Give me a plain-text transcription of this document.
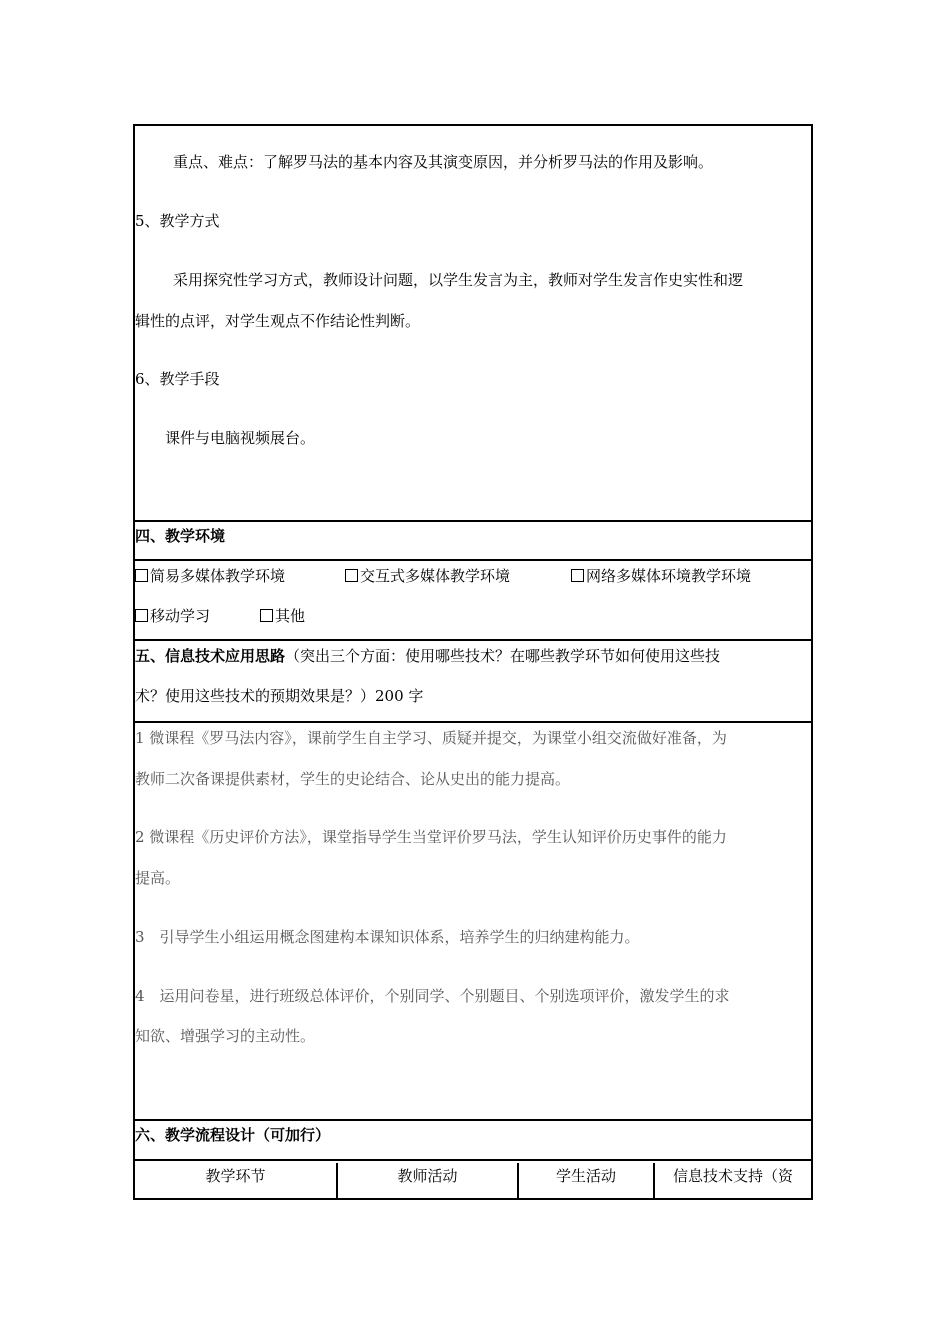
重点、难点：了解罗马法的基本内容及其演变原因，并分析罗马法的作用及影响。
5、教学方式
采用探究性学习方式，教师设计问题，以学生发言为主，教师对学生发言作史实性和逻
辑性的点评，对学生观点不作结论性判断。
6、教学手段
课件与电脑视频展台。
四、教学环境
简易多媒体教学环境	交互式多媒体教学环境	网络多媒体环境教学环境
移动学习	其他
五、信息技术应用思路（突出三个方面：使用哪些技术？在哪些教学环节如何使用这些技
术？使用这些技术的预期效果是？）200 字
1 微课程《罗马法内容》，课前学生自主学习、质疑并提交，为课堂小组交流做好准备，为
教师二次备课提供素材，学生的史论结合、论从史出的能力提高。
2 微课程《历史评价方法》，课堂指导学生当堂评价罗马法，学生认知评价历史事件的能力
提高。
3　引导学生小组运用概念图建构本课知识体系，培养学生的归纳建构能力。
4　运用问卷星，进行班级总体评价，个别同学、个别题目、个别选项评价，激发学生的求
知欲、增强学习的主动性。
六、教学流程设计（可加行）
教学环节	教师活动	学生活动	信息技术支持（资
